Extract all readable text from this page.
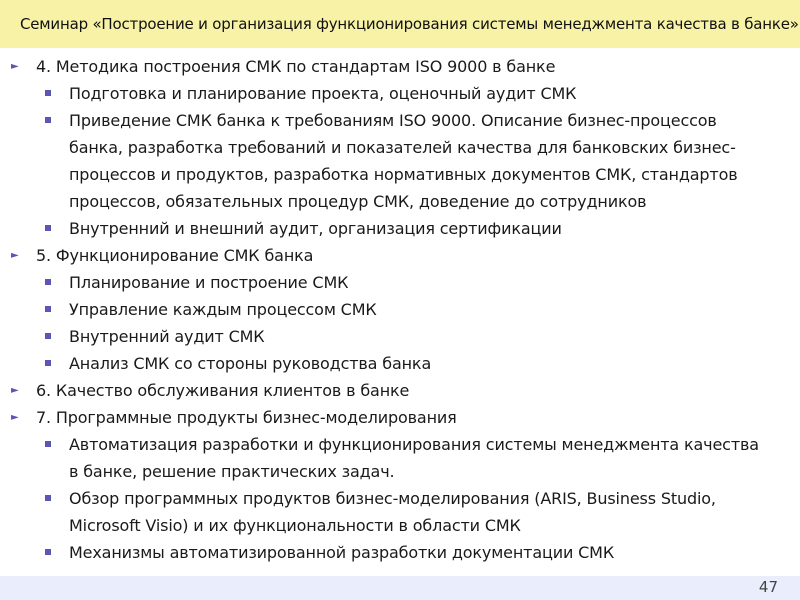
Семинар «Построение и организация функционирования системы менеджмента качества в банке»
► 4. Методика построения СМК по стандартам ISO 9000 в банке
Подготовка и планирование проекта, оценочный аудит СМК
Приведение СМК банка к требованиям ISO 9000. Описание бизнес-процессов банка, разработка требований и показателей качества для банковских бизнес-процессов и продуктов, разработка нормативных документов СМК, стандартов процессов, обязательных процедур СМК, доведение до сотрудников
Внутренний и внешний аудит, организация сертификации
► 5. Функционирование СМК банка
Планирование и построение СМК
Управление каждым процессом СМК
Внутренний аудит СМК
Анализ СМК со стороны руководства банка
► 6. Качество обслуживания клиентов в банке
► 7. Программные продукты бизнес-моделирования
Автоматизация разработки и функционирования системы менеджмента качества в банке, решение практических задач.
Обзор программных продуктов бизнес-моделирования (ARIS, Business Studio, Microsoft Visio) и их функциональности в области СМК
Механизмы автоматизированной разработки документации СМК
47
